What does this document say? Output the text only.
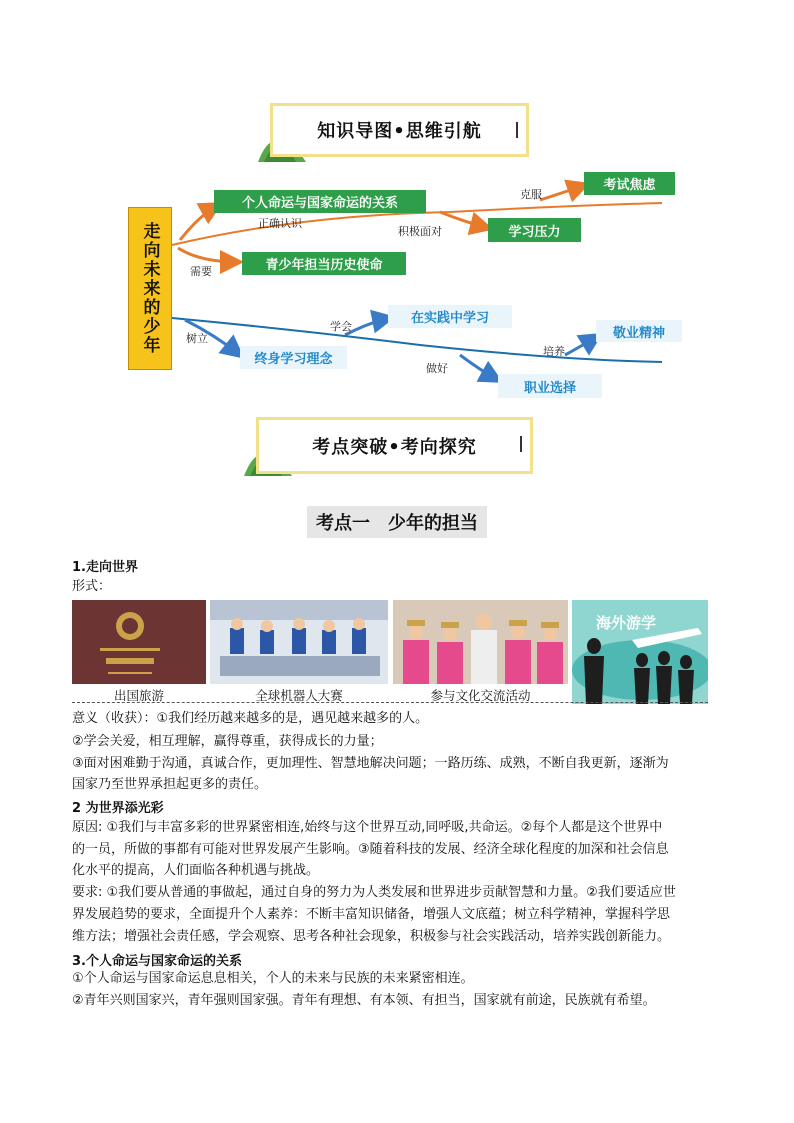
知识导图•思维引航
走向未来的少年
个人命运与国家命运的关系
青少年担当历史使命
学习压力
考试焦虑
正确认识
需要
积极面对
克服
终身学习理念
在实践中学习
职业选择
敬业精神
树立
学会
做好
培养
考点突破•考向探究
考点一　少年的担当
1.走向世界
形式：
海外游学
出国旅游	全球机器人大赛	参与文化交流活动
意义（收获）：①我们经历越来越多的是，遇见越来越多的人。
②学会关爱，相互理解，赢得尊重，获得成长的力量；
③面对困难勤于沟通，真诚合作，更加理性、智慧地解决问题；一路历练、成熟，不断自我更新，逐渐为
国家乃至世界承担起更多的责任。
2 为世界添光彩
原因: ①我们与丰富多彩的世界紧密相连,始终与这个世界互动,同呼吸,共命运。②每个人都是这个世界中
的一员，所做的事都有可能对世界发展产生影响。③随着科技的发展、经济全球化程度的加深和社会信息
化水平的提高，人们面临各种机遇与挑战。
要求: ①我们要从普通的事做起，通过自身的努力为人类发展和世界进步贡献智慧和力量。②我们要适应世
界发展趋势的要求，全面提升个人素养：不断丰富知识储备，增强人文底蕴；树立科学精神，掌握科学思
维方法；增强社会责任感，学会观察、思考各种社会现象，积极参与社会实践活动，培养实践创新能力。
3.个人命运与国家命运的关系
①个人命运与国家命运息息相关，个人的未来与民族的未来紧密相连。
②青年兴则国家兴，青年强则国家强。青年有理想、有本领、有担当，国家就有前途，民族就有希望。
